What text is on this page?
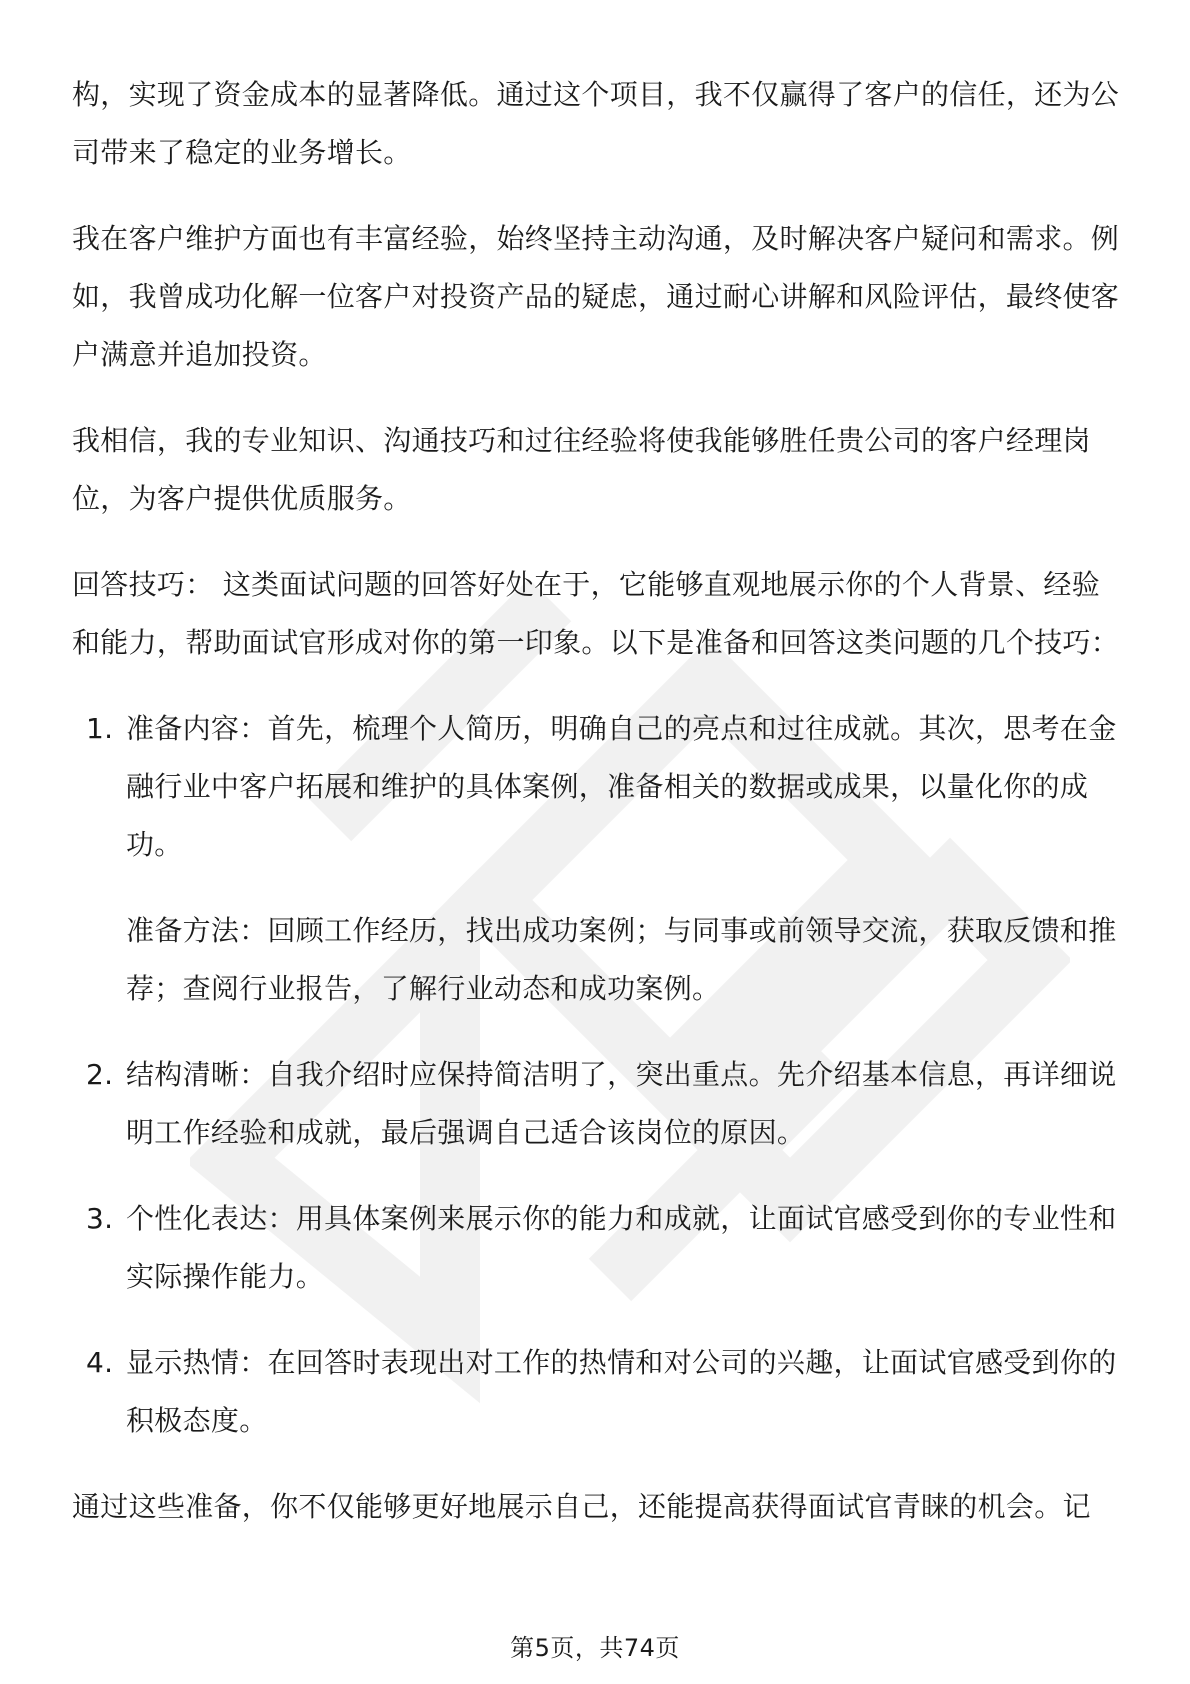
构，实现了资金成本的显著降低。通过这个项目，我不仅赢得了客户的信任，还为公司带来了稳定的业务增长。

我在客户维护方面也有丰富经验，始终坚持主动沟通，及时解决客户疑问和需求。例如，我曾成功化解一位客户对投资产品的疑虑，通过耐心讲解和风险评估，最终使客户满意并追加投资。

我相信，我的专业知识、沟通技巧和过往经验将使我能够胜任贵公司的客户经理岗位，为客户提供优质服务。

回答技巧： 这类面试问题的回答好处在于，它能够直观地展示你的个人背景、经验和能力，帮助面试官形成对你的第一印象。以下是准备和回答这类问题的几个技巧：

1. 准备内容：首先，梳理个人简历，明确自己的亮点和过往成就。其次，思考在金融行业中客户拓展和维护的具体案例，准备相关的数据或成果，以量化你的成功。
准备方法：回顾工作经历，找出成功案例；与同事或前领导交流，获取反馈和推荐；查阅行业报告，了解行业动态和成功案例。
2. 结构清晰：自我介绍时应保持简洁明了，突出重点。先介绍基本信息，再详细说明工作经验和成就，最后强调自己适合该岗位的原因。
3. 个性化表达：用具体案例来展示你的能力和成就，让面试官感受到你的专业性和实际操作能力。
4. 显示热情：在回答时表现出对工作的热情和对公司的兴趣，让面试官感受到你的积极态度。

通过这些准备，你不仅能够更好地展示自己，还能提高获得面试官青睐的机会。记

第5页，共74页
